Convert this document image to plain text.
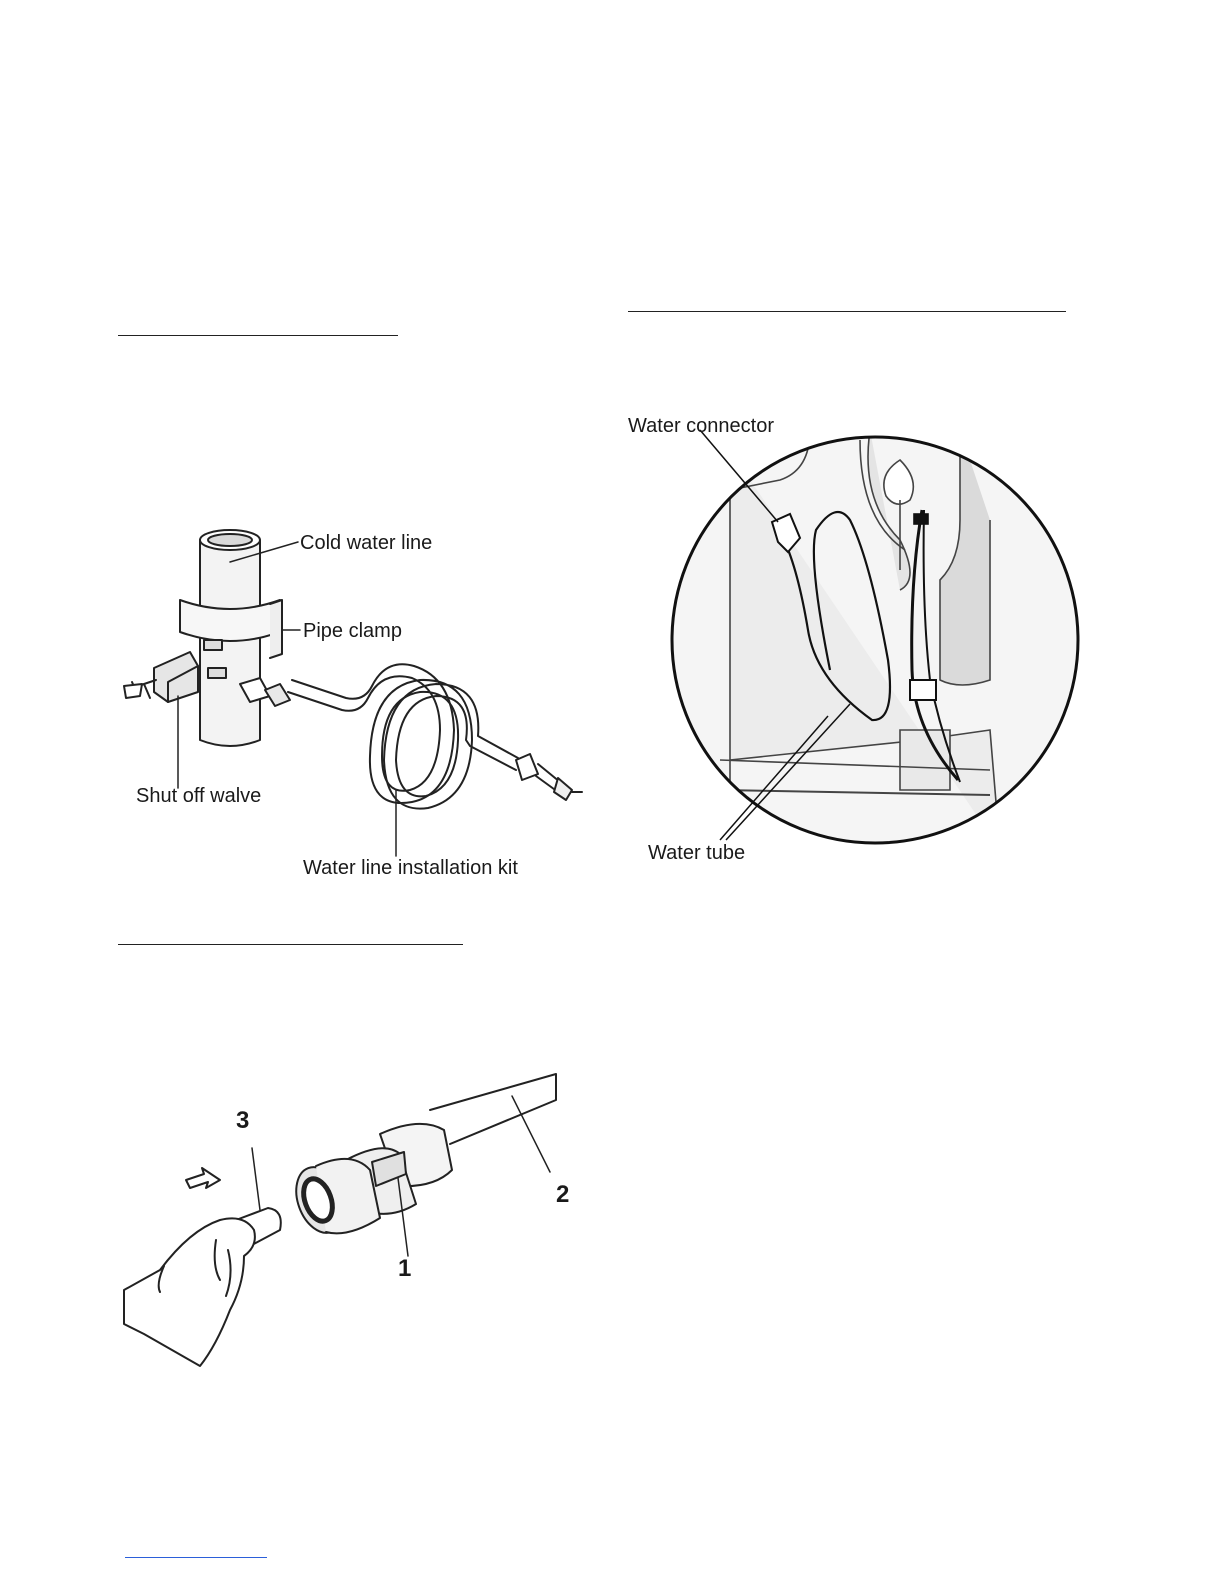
Cold water line
Pipe clamp
Shut off walve
Water line installation kit
Water connector
Water tube
1
2
3
